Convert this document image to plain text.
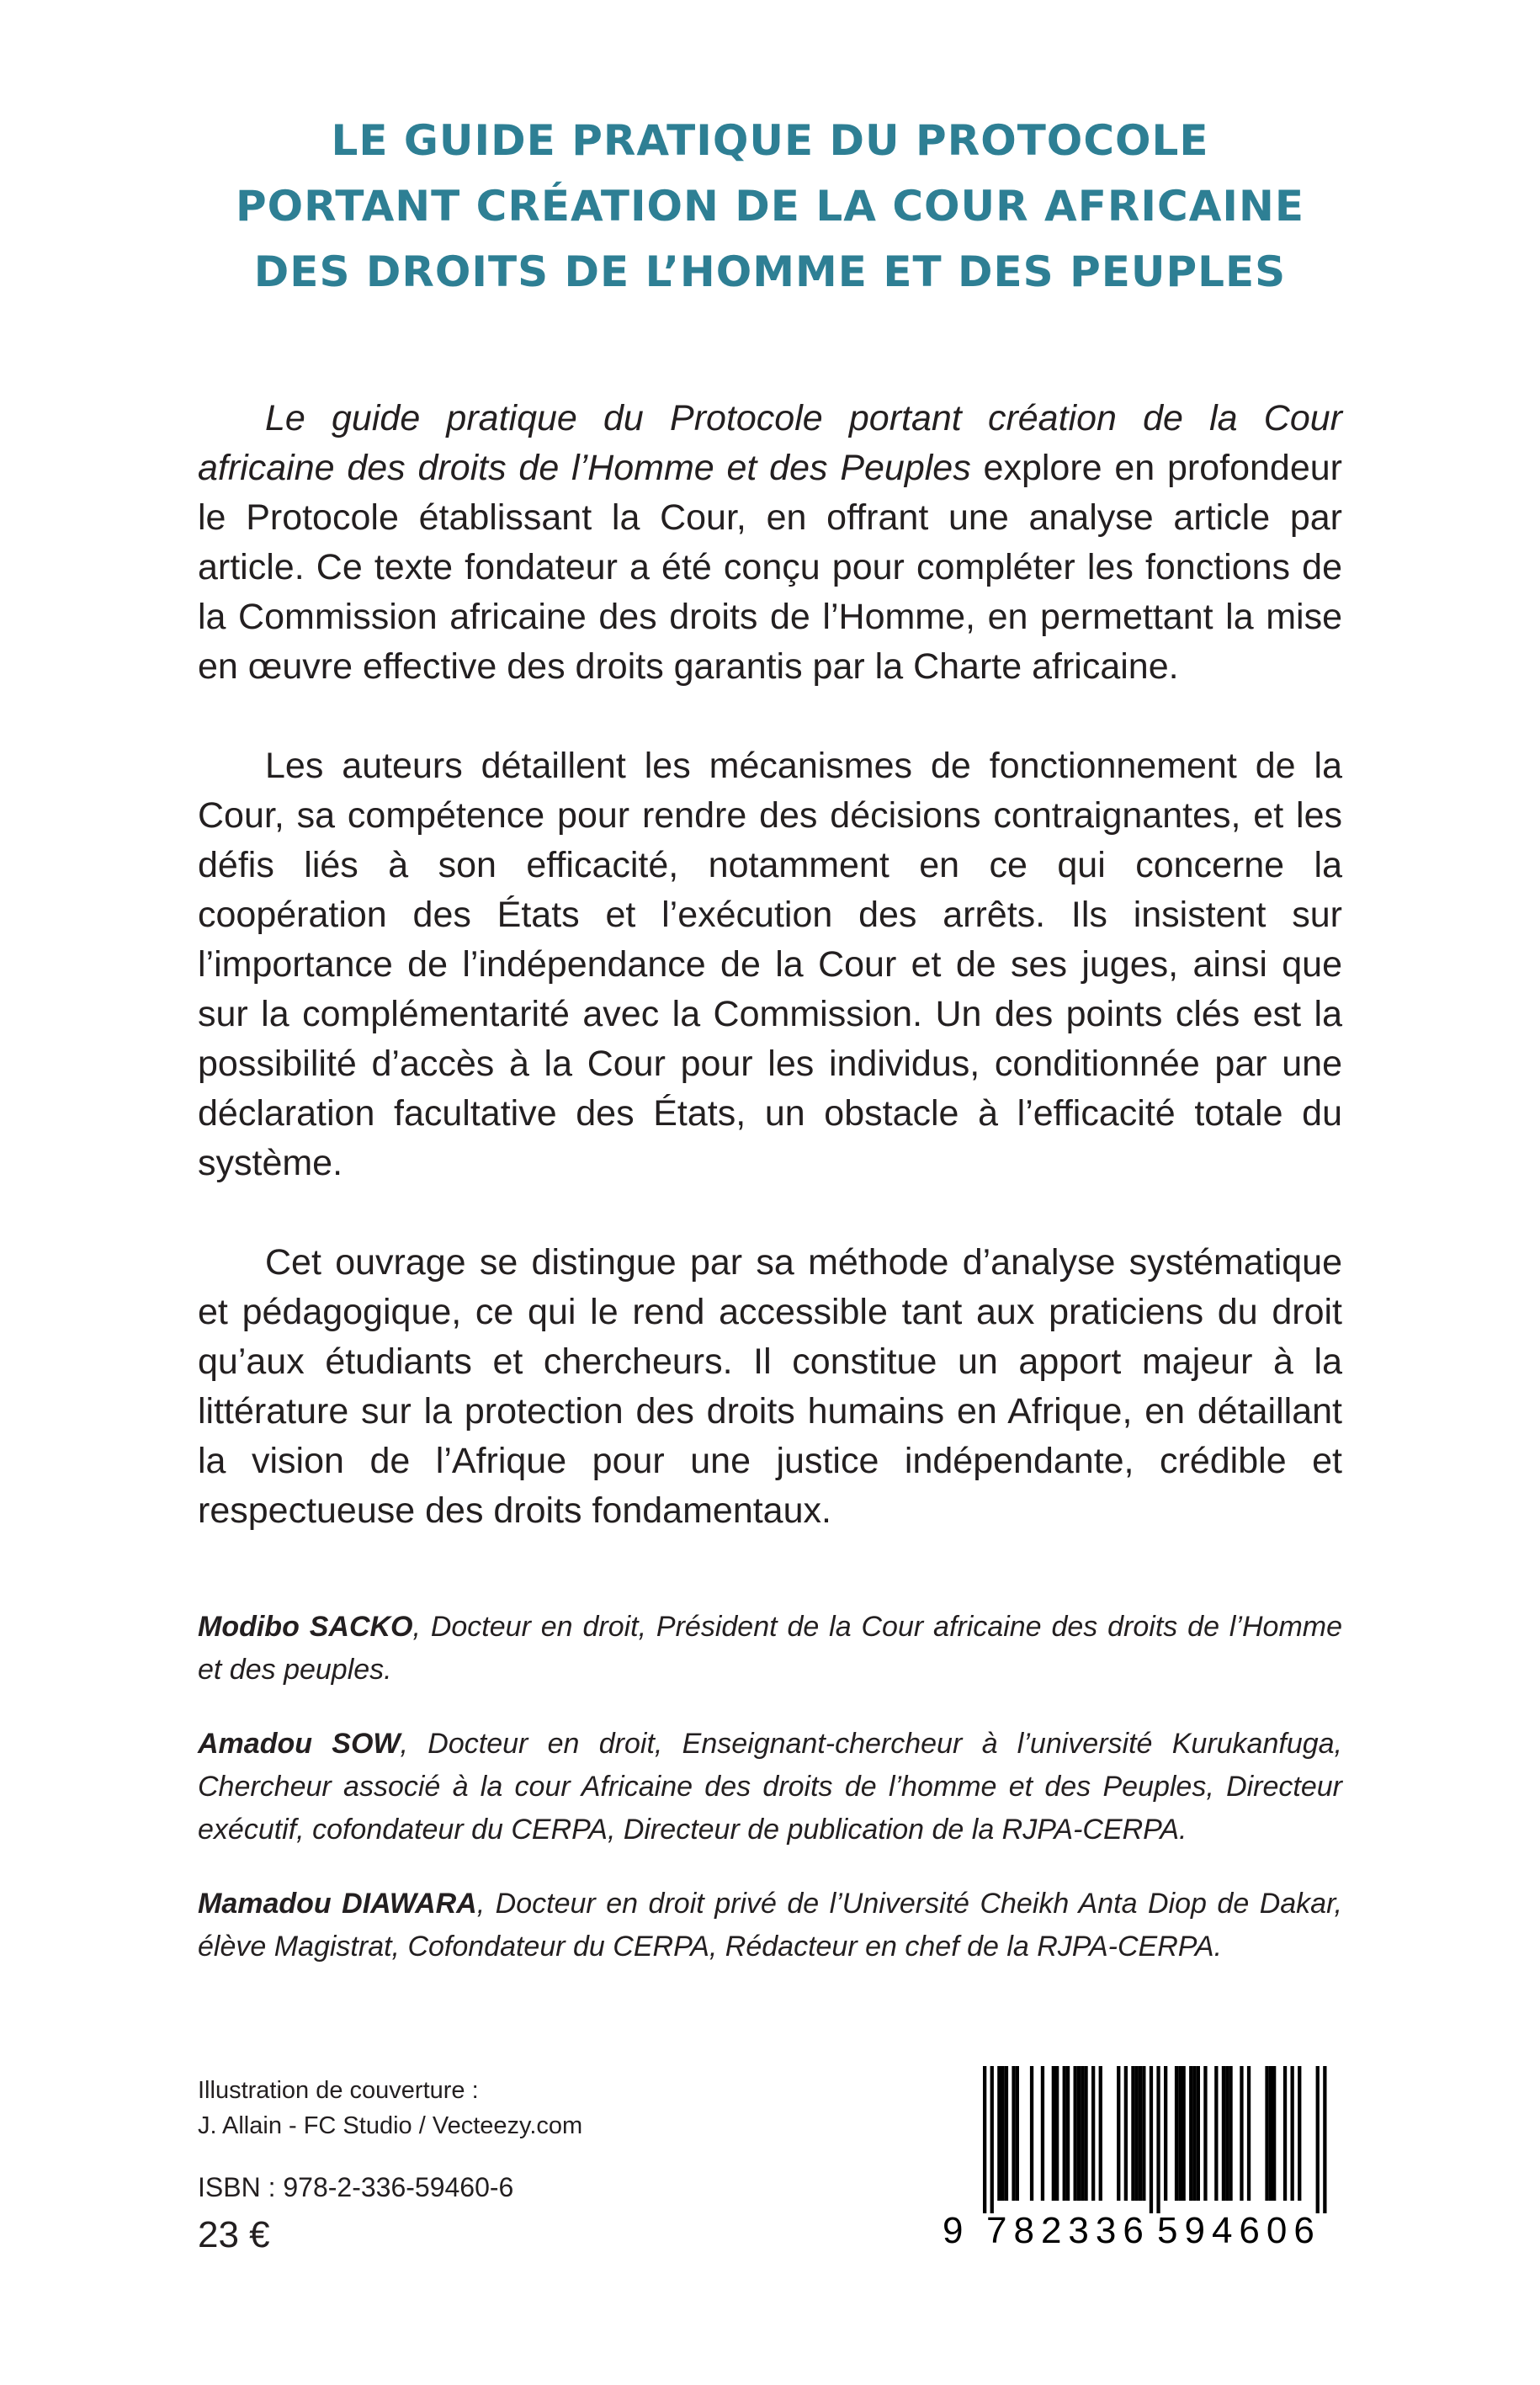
LE GUIDE PRATIQUE DU PROTOCOLE
PORTANT CRÉATION DE LA COUR AFRICAINE
DES DROITS DE L’HOMME ET DES PEUPLES

Le guide pratique du Protocole portant création de la Cour africaine des droits de l’Homme et des Peuples explore en profondeur le Protocole établissant la Cour, en offrant une analyse article par article. Ce texte fondateur a été conçu pour compléter les fonctions de la Commission africaine des droits de l’Homme, en permettant la mise en œuvre effective des droits garantis par la Charte africaine.

Les auteurs détaillent les mécanismes de fonctionnement de la Cour, sa compétence pour rendre des décisions contraignantes, et les défis liés à son efficacité, notamment en ce qui concerne la coopération des États et l’exécution des arrêts. Ils insistent sur l’importance de l’indépendance de la Cour et de ses juges, ainsi que sur la complémentarité avec la Commission. Un des points clés est la possibilité d’accès à la Cour pour les individus, conditionnée par une déclaration facultative des États, un obstacle à l’efficacité totale du système.

Cet ouvrage se distingue par sa méthode d’analyse systématique et pédagogique, ce qui le rend accessible tant aux praticiens du droit qu’aux étudiants et chercheurs. Il constitue un apport majeur à la littérature sur la protection des droits humains en Afrique, en détaillant la vision de l’Afrique pour une justice indépendante, crédible et respectueuse des droits fondamentaux.

Modibo SACKO, Docteur en droit, Président de la Cour africaine des droits de l’Homme et des peuples.

Amadou SOW, Docteur en droit, Enseignant-chercheur à l’université Kurukanfuga, Chercheur associé à la cour Africaine des droits de l’homme et des Peuples, Directeur exécutif, cofondateur du CERPA, Directeur de publication de la RJPA-CERPA.

Mamadou DIAWARA, Docteur en droit privé de l’Université Cheikh Anta Diop de Dakar, élève Magistrat, Cofondateur du CERPA, Rédacteur en chef de la RJPA-CERPA.

Illustration de couverture :
J. Allain - FC Studio / Vecteezy.com
ISBN : 978-2-336-59460-6
23 €	9 782336 594606
